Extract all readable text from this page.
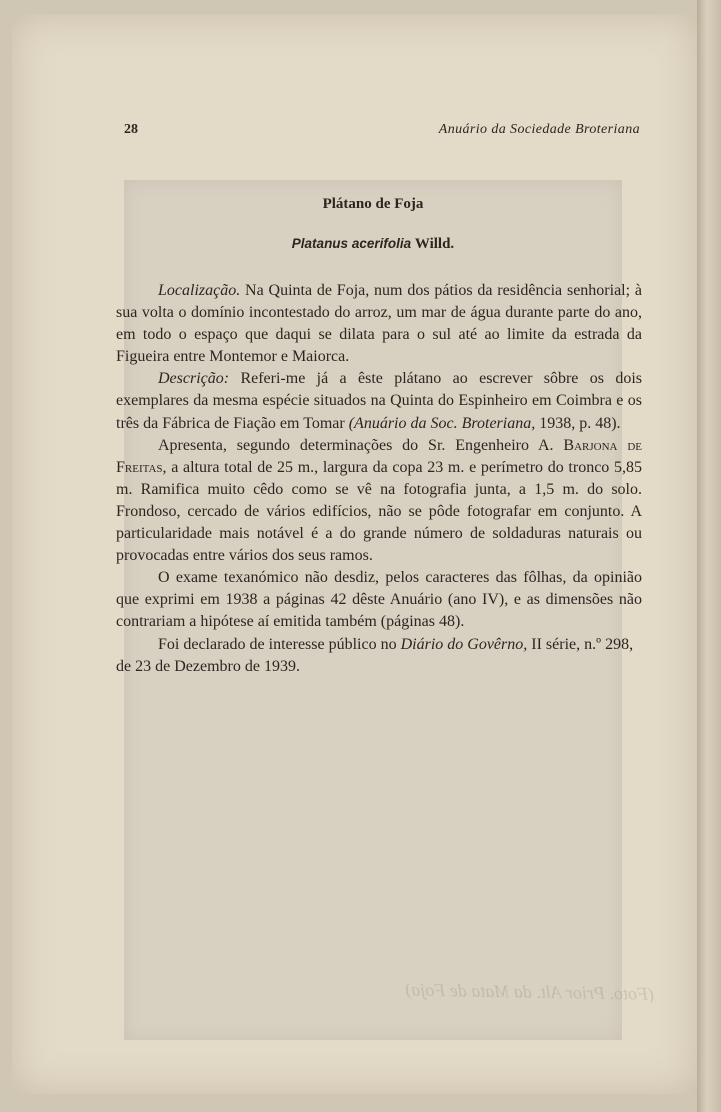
28	Anuário da Sociedade Broteriana
(Foto. Prior Alt. da Mata de Foja)
Plátano de Foja
Platanus acerifolia Willd.

Localização. Na Quinta de Foja, num dos pátios da residência senhorial; à sua volta o domínio incontestado do arroz, um mar de água durante parte do ano, em todo o espaço que daqui se dilata para o sul até ao limite da estrada da Figueira entre Montemor e Maiorca.

Descrição: Referi-me já a êste plátano ao escrever sôbre os dois exemplares da mesma espécie situados na Quinta do Espinheiro em Coimbra e os três da Fábrica de Fiação em Tomar (Anuário da Soc. Broteriana, 1938, p. 48).

Apresenta, segundo determinações do Sr. Engenheiro A. Barjona de Freitas, a altura total de 25 m., largura da copa 23 m. e perímetro do tronco 5,85 m. Ramifica muito cêdo como se vê na fotografia junta, a 1,5 m. do solo. Frondoso, cercado de vários edifícios, não se pôde fotografar em conjunto. A particularidade mais notável é a do grande número de soldaduras naturais ou provocadas entre vários dos seus ramos.

O exame texanómico não desdiz, pelos caracteres das fôlhas, da opinião que exprimi em 1938 a páginas 42 dêste Anuário (ano IV), e as dimensões não contrariam a hipótese aí emitida também (páginas 48).

Foi declarado de interesse público no Diário do Govêrno, II série, n.º 298, de 23 de Dezembro de 1939.
